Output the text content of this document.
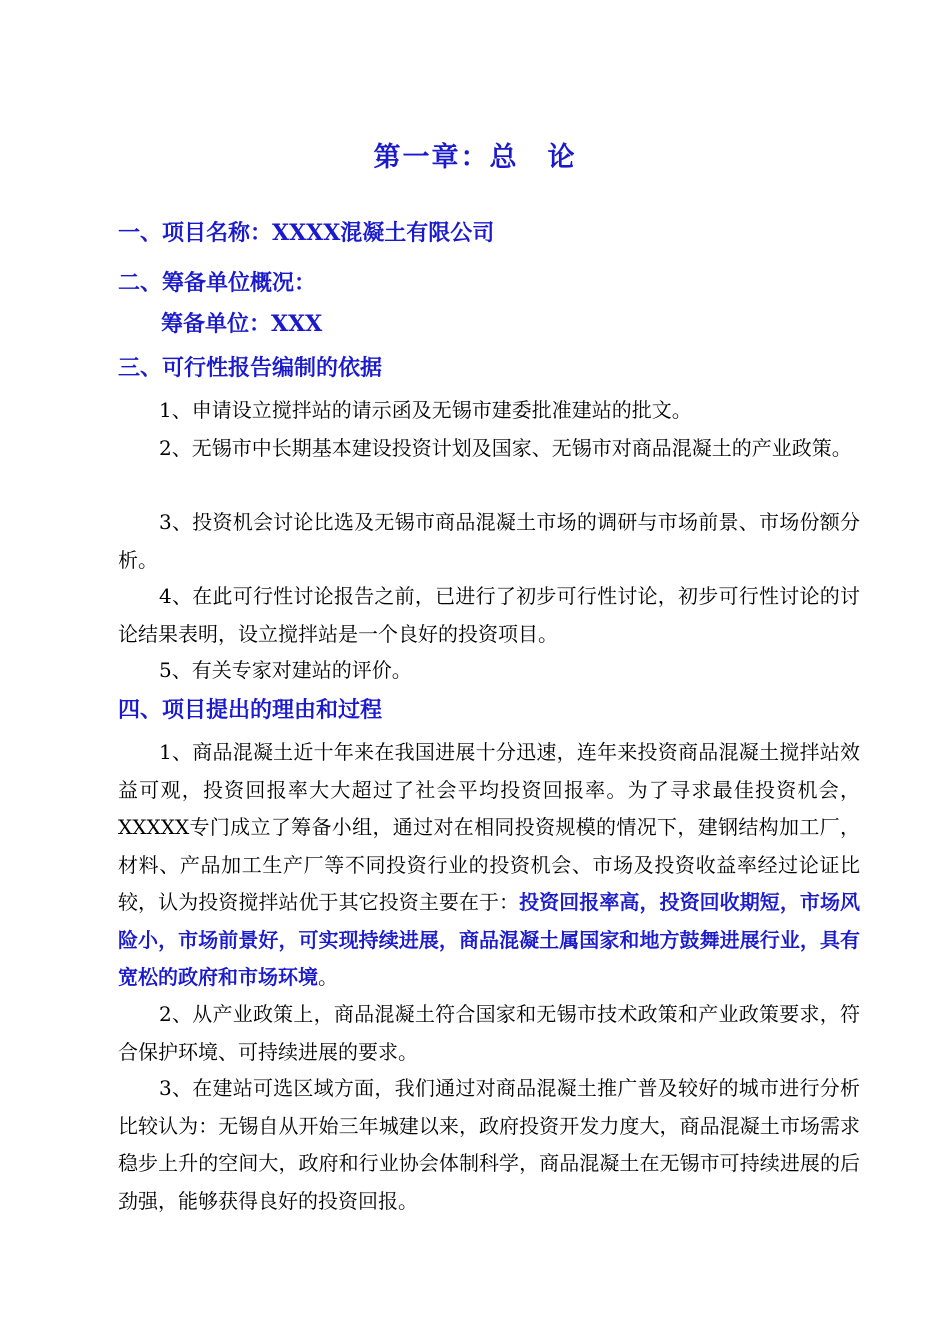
第一章：总　论
一、项目名称：XXXX混凝土有限公司
二、筹备单位概况：
筹备单位：XXX
三、可行性报告编制的依据
1、申请设立搅拌站的请示函及无锡市建委批准建站的批文。
2、无锡市中长期基本建设投资计划及国家、无锡市对商品混凝土的产业政策。
3、投资机会讨论比选及无锡市商品混凝土市场的调研与市场前景、市场份额分析。
4、在此可行性讨论报告之前，已进行了初步可行性讨论，初步可行性讨论的讨论结果表明，设立搅拌站是一个良好的投资项目。
5、有关专家对建站的评价。
四、项目提出的理由和过程
1、商品混凝土近十年来在我国进展十分迅速，连年来投资商品混凝土搅拌站效益可观，投资回报率大大超过了社会平均投资回报率。为了寻求最佳投资机会，XXXXX专门成立了筹备小组，通过对在相同投资规模的情况下，建钢结构加工厂，材料、产品加工生产厂等不同投资行业的投资机会、市场及投资收益率经过论证比较，认为投资搅拌站优于其它投资主要在于：投资回报率高，投资回收期短，市场风险小，市场前景好，可实现持续进展，商品混凝土属国家和地方鼓舞进展行业，具有宽松的政府和市场环境。
2、从产业政策上，商品混凝土符合国家和无锡市技术政策和产业政策要求，符合保护环境、可持续进展的要求。
3、在建站可选区域方面，我们通过对商品混凝土推广普及较好的城市进行分析比较认为：无锡自从开始三年城建以来，政府投资开发力度大，商品混凝土市场需求稳步上升的空间大，政府和行业协会体制科学，商品混凝土在无锡市可持续进展的后劲强，能够获得良好的投资回报。
